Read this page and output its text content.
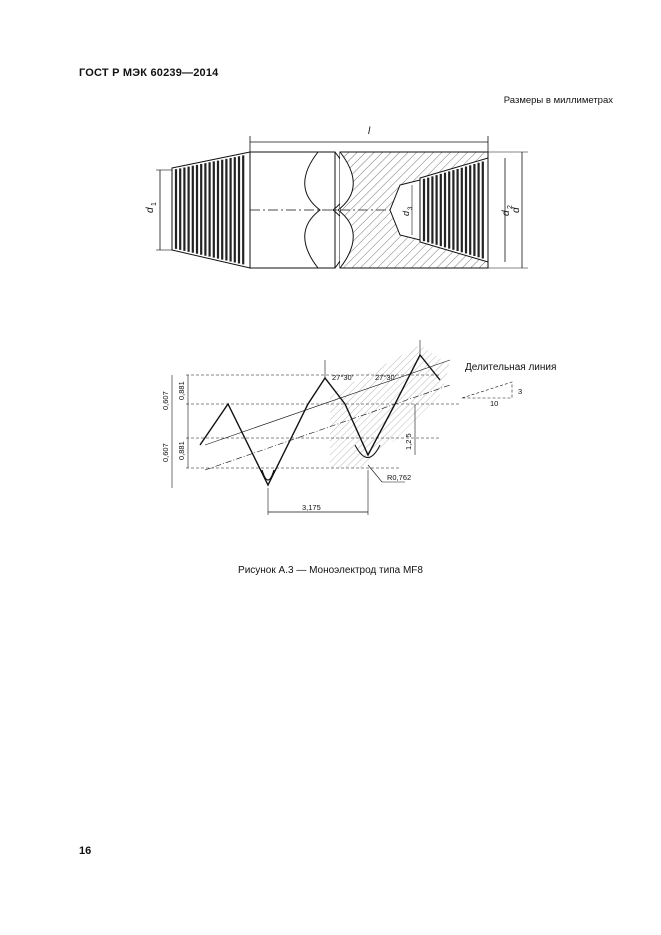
ГОСТ Р МЭК 60239—2014
Размеры в миллиметрах
l
d
1
d
3
d
2
d
0,607
0,881
0,607 0,881
27°30'	27°30'
3,175
1,2 5
R0,762
10
3
Делительная линия
Рисунок А.3 — Моноэлектрод типа MF8
16
